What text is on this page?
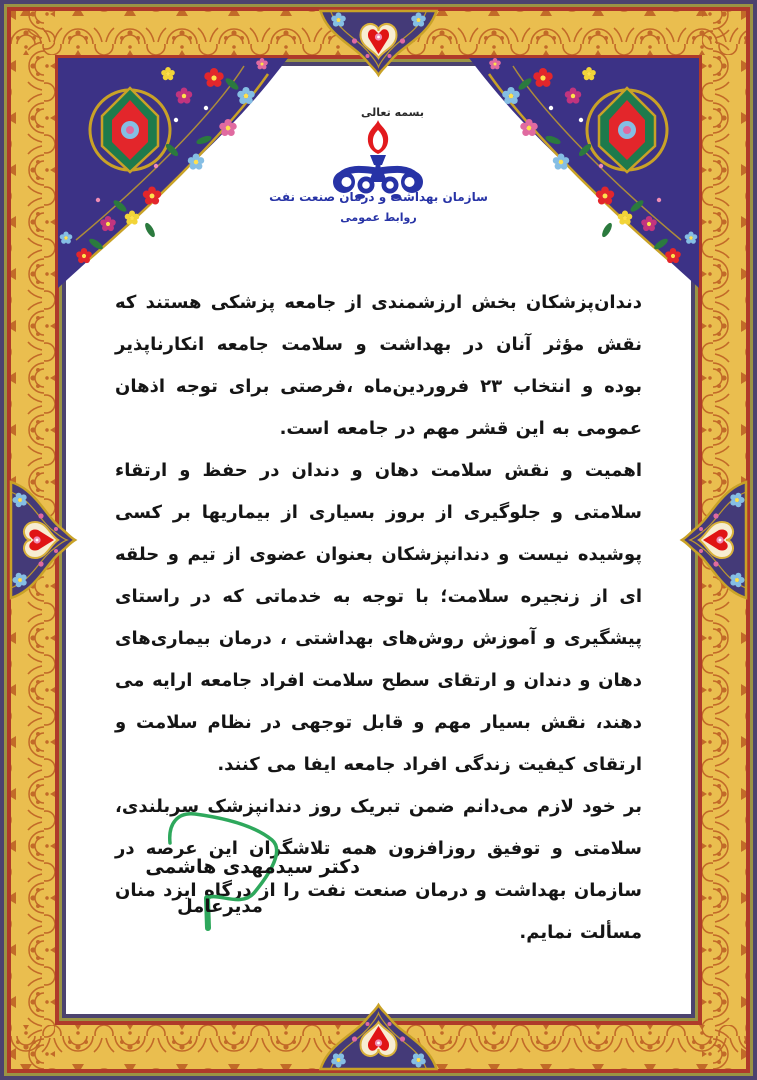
بسمه تعالی
سازمان بهداشت و درمان صنعت نفت
روابط عمومی

دندان‌پزشکان بخش ارزشمندی از جامعه پزشکی هستند که نقش مؤثر آنان در بهداشت و سلامت جامعه انکارناپذیر بوده و انتخاب ۲۳ فروردین‌ماه ،فرصتی برای توجه اذهان عمومی به این قشر مهم در جامعه است.

اهمیت و نقش سلامت دهان و دندان در حفظ و ارتقاء سلامتی و جلوگیری از بروز بسیاری از بیماریها بر کسی پوشیده نیست و دندانپزشکان بعنوان عضوی از تیم و حلقه ای از زنجیره سلامت؛ با توجه به خدماتی که در راستای پیشگیری و آموزش روش‌های بهداشتی ، درمان بیماری‌های دهان و دندان و ارتقای سطح سلامت افراد جامعه ارایه می دهند، نقش بسیار مهم و قابل توجهی در نظام سلامت و ارتقای کیفیت زندگی افراد جامعه ایفا می کنند.

بر خود لازم می‌دانم ضمن تبریک روز دندانپزشک سربلندی، سلامتی و توفیق روزافزون همه تلاشگران این عرصه در سازمان بهداشت و درمان صنعت نفت را از درگاه ایزد منان مسألت نمایم.

دکتر سیدمهدی هاشمی
مدیرعامل
